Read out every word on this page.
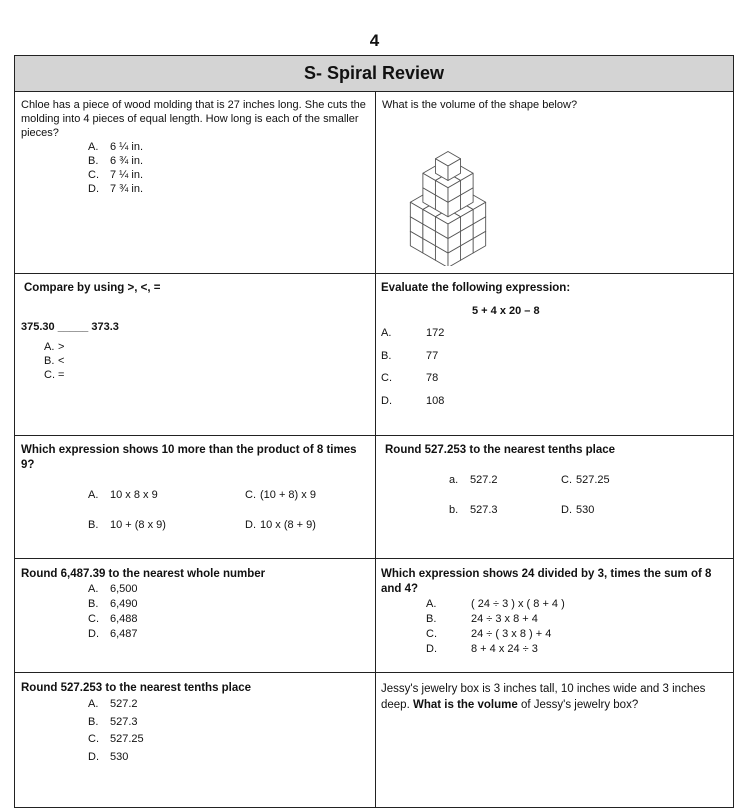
4
S- Spiral Review
Chloe has a piece of wood molding that is 27 inches long. She cuts the molding into 4 pieces of equal length. How long is each of the smaller pieces?
A.	6 ¼ in.
B.	6 ¾ in.
C.	7 ¼ in.
D.	7 ¾ in.
What is the volume of the shape below?
Compare by using >, <, =
375.30 _____ 373.3
A. >
B. <
C. =
Evaluate the following expression:
5 + 4 x 20 – 8
A.	172
B.	77
C.	78
D.	108
Which expression shows 10 more than the product of 8 times 9?
A.	10 x 8 x 9
B.	10 + (8 x 9)
C. (10 + 8) x 9
D. 10 x (8 + 9)
Round 527.253 to the nearest tenths place
a.	527.2
b.	527.3
C. 527.25
D. 530
Round 6,487.39 to the nearest whole number
A.	6,500
B.	6,490
C.	6,488
D.	6,487
Which expression shows 24 divided by 3, times the sum of 8 and 4?
A.	( 24 ÷ 3 ) x ( 8 + 4 )
B.	24 ÷ 3 x 8 + 4
C.	24 ÷ ( 3 x 8 ) + 4
D.	8 + 4 x 24 ÷ 3
Round 527.253 to the nearest tenths place
A.	527.2
B.	527.3
C.	527.25
D.	530
Jessy's jewelry box is 3 inches tall, 10 inches wide and 3 inches deep. What is the volume of Jessy's jewelry box?
